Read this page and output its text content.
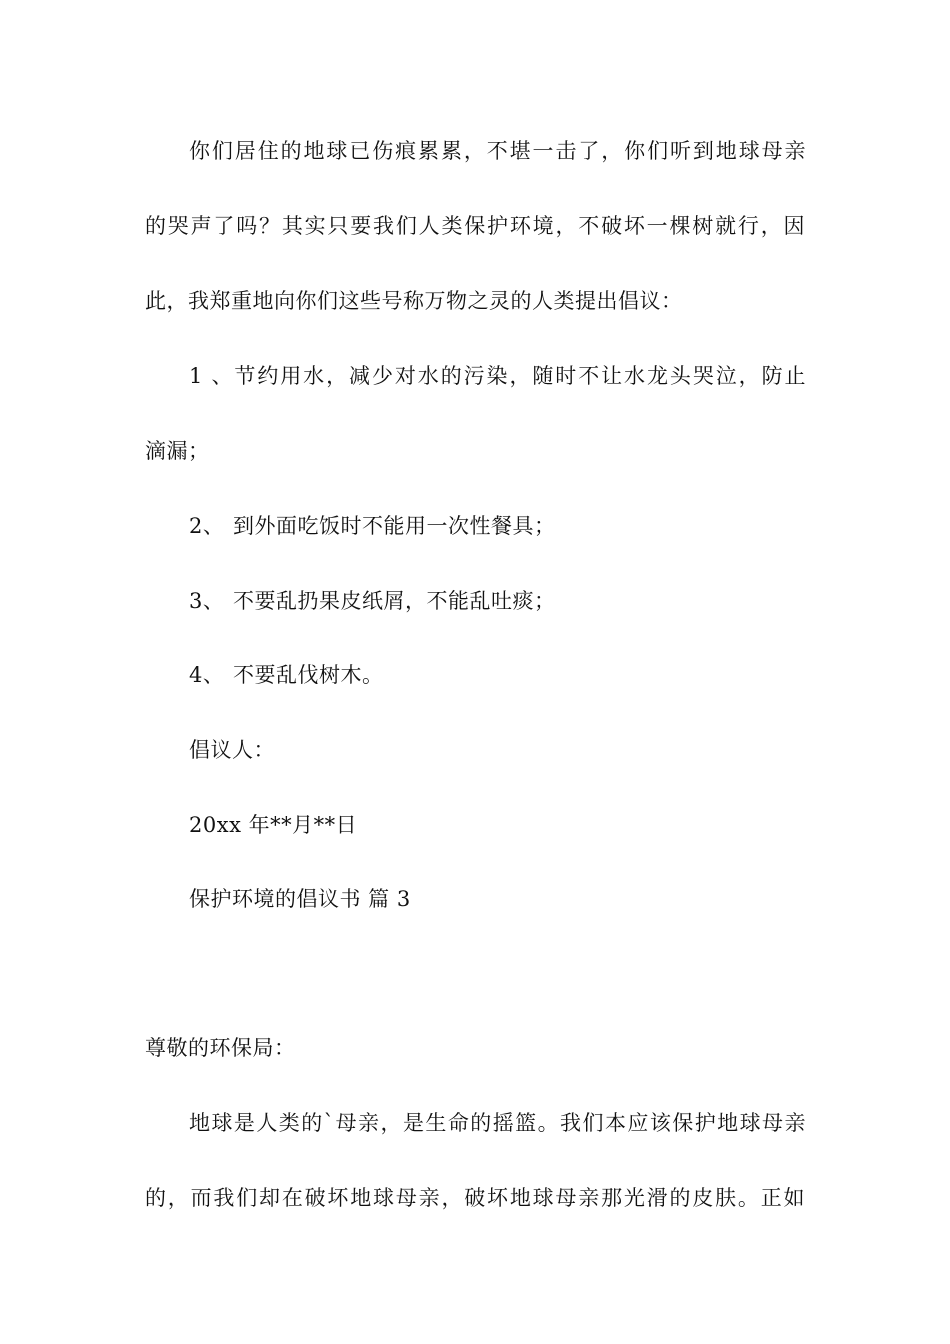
你们居住的地球已伤痕累累，不堪一击了，你们听到地球母亲
的哭声了吗？其实只要我们人类保护环境，不破坏一棵树就行，因
此，我郑重地向你们这些号称万物之灵的人类提出倡议：
1、节约用水，减少对水的污染，随时不让水龙头哭泣，防止
滴漏；
2、 到外面吃饭时不能用一次性餐具；
3、 不要乱扔果皮纸屑，不能乱吐痰；
4、 不要乱伐树木。
倡议人：
20xx 年**月**日
保护环境的倡议书 篇 3
尊敬的环保局：
地球是人类的`母亲，是生命的摇篮。我们本应该保护地球母亲
的，而我们却在破坏地球母亲，破坏地球母亲那光滑的皮肤。正如
